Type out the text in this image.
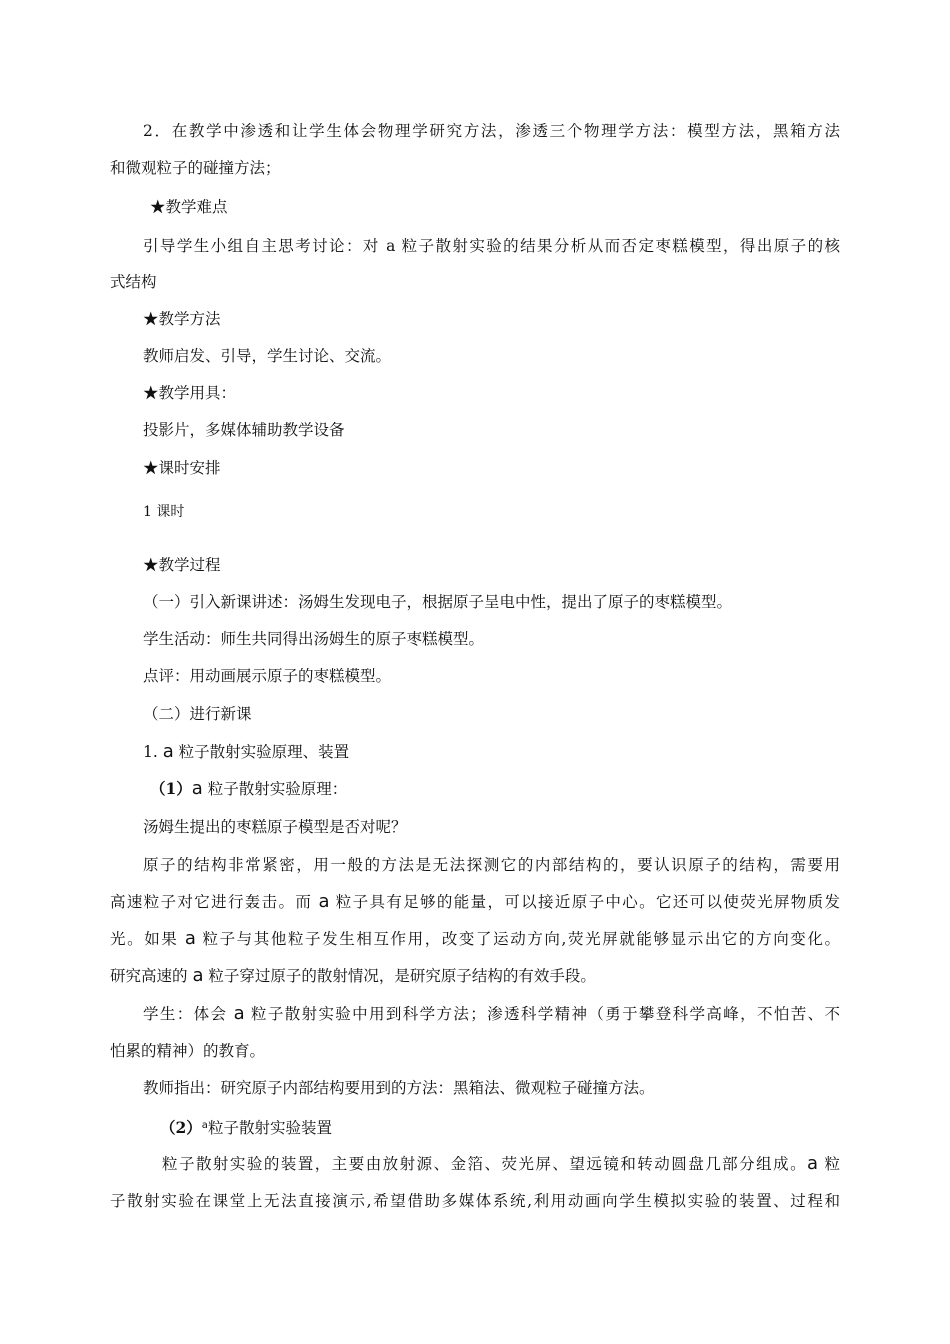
2．在教学中渗透和让学生体会物理学研究方法，渗透三个物理学方法：模型方法，黑箱方法

和微观粒子的碰撞方法；

★教学难点

引导学生小组自主思考讨论：对 a 粒子散射实验的结果分析从而否定枣糕模型，得出原子的核

式结构

★教学方法

教师启发、引导，学生讨论、交流。

★教学用具：

投影片，多媒体辅助教学设备

★课时安排

1 课时

★教学过程

（一）引入新课讲述：汤姆生发现电子，根据原子呈电中性，提出了原子的枣糕模型。

学生活动：师生共同得出汤姆生的原子枣糕模型。

点评：用动画展示原子的枣糕模型。

（二）进行新课

1. a 粒子散射实验原理、装置

（1）a 粒子散射实验原理：

汤姆生提出的枣糕原子模型是否对呢？

原子的结构非常紧密，用一般的方法是无法探测它的内部结构的，要认识原子的结构，需要用

高速粒子对它进行轰击。而 a 粒子具有足够的能量，可以接近原子中心。它还可以使荧光屏物质发

光。如果 a 粒子与其他粒子发生相互作用，改变了运动方向,荧光屏就能够显示出它的方向变化。

研究高速的 a 粒子穿过原子的散射情况，是研究原子结构的有效手段。

学生：体会 a 粒子散射实验中用到科学方法；渗透科学精神（勇于攀登科学高峰，不怕苦、不

怕累的精神）的教育。

教师指出：研究原子内部结构要用到的方法：黑箱法、微观粒子碰撞方法。

$(2)^a$粒子散射实验装置

粒子散射实验的装置，主要由放射源、金箔、荧光屏、望远镜和转动圆盘几部分组成。a 粒

子散射实验在课堂上无法直接演示,希望借助多媒体系统,利用动画向学生模拟实验的装置、过程和
